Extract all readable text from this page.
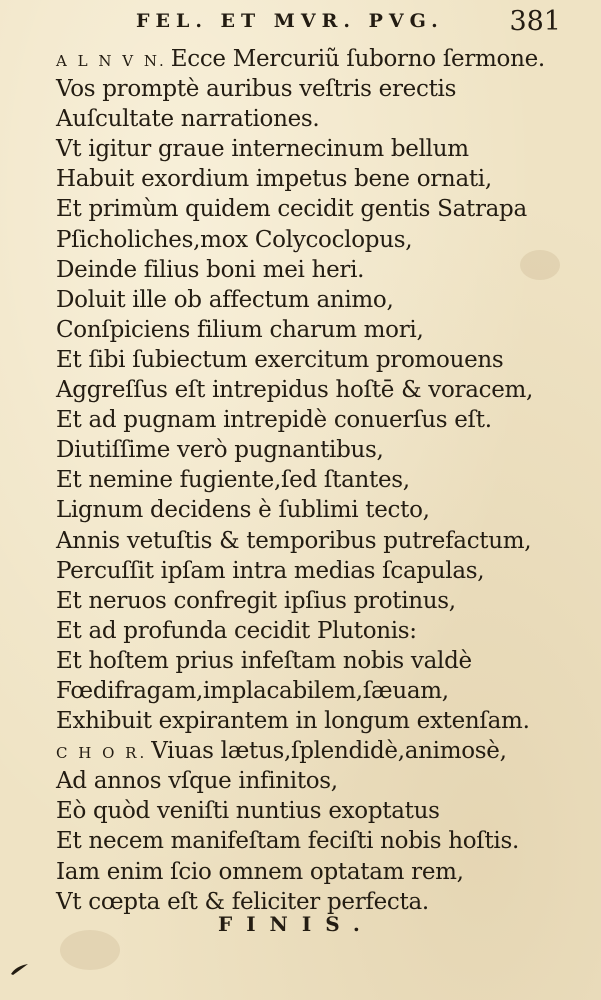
FEL. ET MVR. PVG. 381
A L N V N. Ecce Mercuriũ ſuborno ſermone.
Vos promptè auribus veſtris erectis
Auſcultate narrationes.
Vt igitur graue internecinum bellum
Habuit exordium impetus bene ornati,
Et primùm quidem cecidit gentis Satrapa
Pſicholiches,mox Colycoclopus,
Deinde filius boni mei heri.
Doluit ille ob affectum animo,
Conſpiciens filium charum mori,
Et ſibi ſubiectum exercitum promouens
Aggreſſus eſt intrepidus hoſtē & voracem,
Et ad pugnam intrepidè conuerſus eſt.
Diutiſſime verò pugnantibus,
Et nemine fugiente,ſed ſtantes,
Lignum decidens è ſublimi tecto,
Annis vetuſtis & temporibus putrefactum,
Percuſſit ipſam intra medias ſcapulas,
Et neruos confregit ipſius protinus,
Et ad profunda cecidit Plutonis:
Et hoſtem prius infeſtam nobis valdè
Fœdifragam,implacabilem,ſæuam,
Exhibuit expirantem in longum extenſam.
C H O R. Viuas lætus,ſplendidè,animosè,
Ad annos vſque infinitos,
Eò quòd veniſti nuntius exoptatus
Et necem manifeſtam feciſti nobis hoſtis.
Iam enim ſcio omnem optatam rem,
Vt cœpta eſt & feliciter perfecta.
FINIS.
